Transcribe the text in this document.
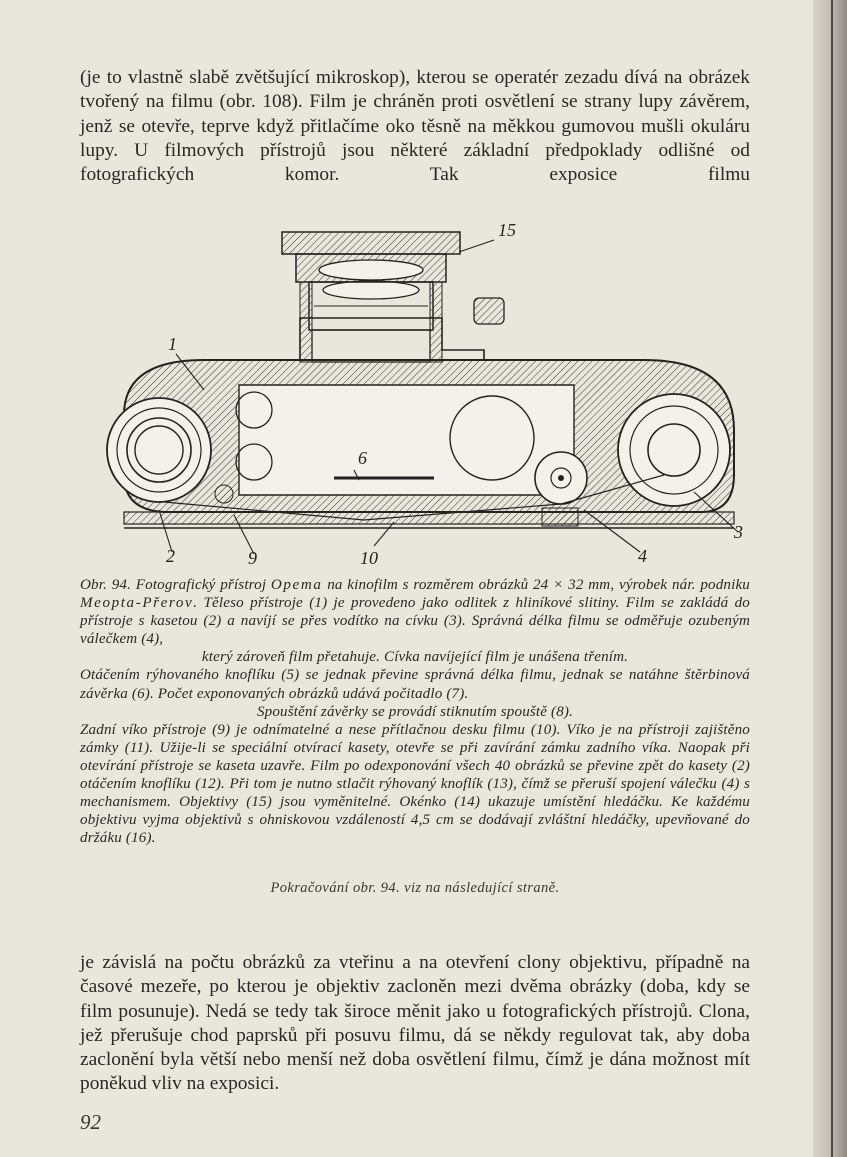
(je to vlastně slabě zvětšující mikroskop), kterou se operatér zezadu dívá na obrázek tvořený na filmu (obr. 108). Film je chráněn proti osvětlení se strany lupy závěrem, jenž se otevře, teprve když přitlačíme oko těsně na měkkou gumovou mušli okuláru lupy. U filmových přístrojů jsou některé základní předpoklady odlišné od fotografických komor. Tak exposice filmu

15
1
6
2	9	10	4
3

Obr. 94. Fotografický přístroj Opema na kinofilm s rozměrem obrázků 24 × 32 mm, výrobek nár. podniku Meopta-Přerov. Těleso přístroje (1) je provedeno jako odlitek z hliníkové slitiny. Film se zakládá do přístroje s kasetou (2) a navíjí se přes vodítko na cívku (3). Správná délka filmu se odměřuje ozubeným válečkem (4),

který zároveň film přetahuje. Cívka navíjející film je unášena třením.

Otáčením rýhovaného knoflíku (5) se jednak převine správná délka filmu, jednak se natáhne štěrbinová závěrka (6). Počet exponovaných obrázků udává počitadlo (7).

Spouštění závěrky se provádí stiknutím spouště (8).

Zadní víko přístroje (9) je odnímatelné a nese přítlačnou desku filmu (10). Víko je na přístroji zajištěno zámky (11). Užije-li se speciální otvírací kasety, otevře se při zavírání zámku zadního víka. Naopak při otevírání přístroje se kaseta uzavře. Film po odexponování všech 40 obrázků se převine zpět do kasety (2) otáčením knoflíku (12). Při tom je nutno stlačit rýhovaný knoflík (13), čímž se přeruší spojení válečku (4) s mechanismem. Objektivy (15) jsou vyměnitelné. Okénko (14) ukazuje umístění hledáčku. Ke každému objektivu vyjma objektivů s ohniskovou vzdáleností 4,5 cm se dodávají zvláštní hledáčky, upevňované do držáku (16).

Pokračování obr. 94. viz na následující straně.

je závislá na počtu obrázků za vteřinu a na otevření clony objektivu, případně na časové mezeře, po kterou je objektiv zacloněn mezi dvěma obrázky (doba, kdy se film posunuje). Nedá se tedy tak široce měnit jako u fotografických přístrojů. Clona, jež přerušuje chod paprsků při posuvu filmu, dá se někdy regulovat tak, aby doba zaclonění byla větší nebo menší než doba osvětlení filmu, čímž je dána možnost mít poněkud vliv na exposici.

92
